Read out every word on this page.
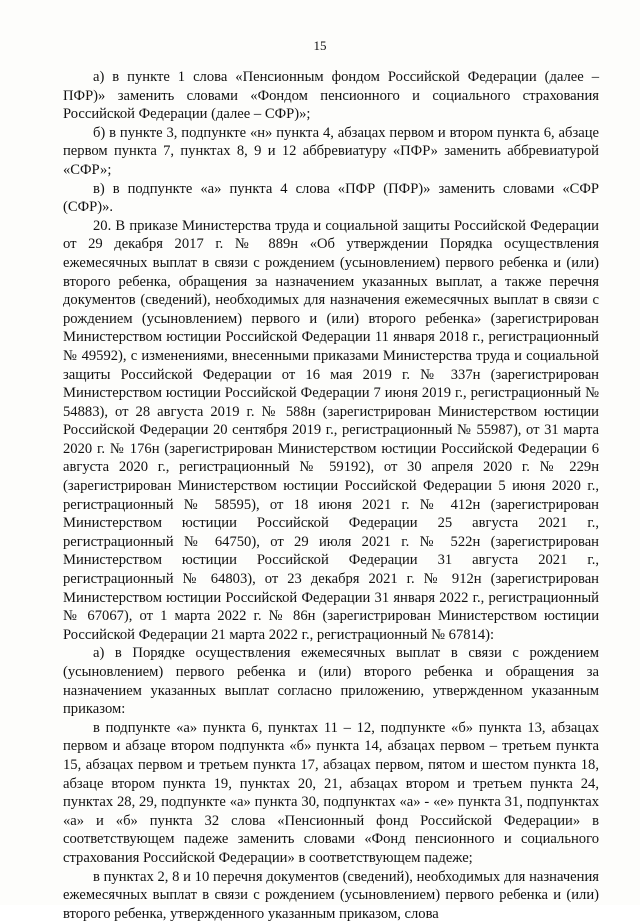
15

а) в пункте 1 слова «Пенсионным фондом Российской Федерации (далее – ПФР)» заменить словами «Фондом пенсионного и социального страхования Российской Федерации (далее – СФР)»;

б) в пункте 3, подпункте «н» пункта 4, абзацах первом и втором пункта 6, абзаце первом пункта 7, пунктах 8, 9 и 12 аббревиатуру «ПФР» заменить аббревиатурой «СФР»;

в) в подпункте «а» пункта 4 слова «ПФР (ПФР)» заменить словами «СФР (СФР)».

20. В приказе Министерства труда и социальной защиты Российской Федерации от 29 декабря 2017 г. № 889н «Об утверждении Порядка осуществления ежемесячных выплат в связи с рождением (усыновлением) первого ребенка и (или) второго ребенка, обращения за назначением указанных выплат, а также перечня документов (сведений), необходимых для назначения ежемесячных выплат в связи с рождением (усыновлением) первого и (или) второго ребенка» (зарегистрирован Министерством юстиции Российской Федерации 11 января 2018 г., регистрационный № 49592), с изменениями, внесенными приказами Министерства труда и социальной защиты Российской Федерации от 16 мая 2019 г. № 337н (зарегистрирован Министерством юстиции Российской Федерации 7 июня 2019 г., регистрационный № 54883), от 28 августа 2019 г. № 588н (зарегистрирован Министерством юстиции Российской Федерации 20 сентября 2019 г., регистрационный № 55987), от 31 марта 2020 г. № 176н (зарегистрирован Министерством юстиции Российской Федерации 6 августа 2020 г., регистрационный № 59192), от 30 апреля 2020 г. № 229н (зарегистрирован Министерством юстиции Российской Федерации 5 июня 2020 г., регистрационный № 58595), от 18 июня 2021 г. № 412н (зарегистрирован Министерством юстиции Российской Федерации 25 августа 2021 г., регистрационный № 64750), от 29 июля 2021 г. № 522н (зарегистрирован Министерством юстиции Российской Федерации 31 августа 2021 г., регистрационный № 64803), от 23 декабря 2021 г. № 912н (зарегистрирован Министерством юстиции Российской Федерации 31 января 2022 г., регистрационный № 67067), от 1 марта 2022 г. № 86н (зарегистрирован Министерством юстиции Российской Федерации 21 марта 2022 г., регистрационный № 67814):

а) в Порядке осуществления ежемесячных выплат в связи с рождением (усыновлением) первого ребенка и (или) второго ребенка и обращения за назначением указанных выплат согласно приложению, утвержденном указанным приказом:

в подпункте «а» пункта 6, пунктах 11 – 12, подпункте «б» пункта 13, абзацах первом и абзаце втором подпункта «б» пункта 14, абзацах первом – третьем пункта 15, абзацах первом и третьем пункта 17, абзацах первом, пятом и шестом пункта 18, абзаце втором пункта 19, пунктах 20, 21, абзацах втором и третьем пункта 24, пунктах 28, 29, подпункте «а» пункта 30, подпунктах «а» - «е» пункта 31, подпунктах «а» и «б» пункта 32 слова «Пенсионный фонд Российской Федерации» в соответствующем падеже заменить словами «Фонд пенсионного и социального страхования Российской Федерации» в соответствующем падеже;

в пунктах 2, 8 и 10 перечня документов (сведений), необходимых для назначения ежемесячных выплат в связи с рождением (усыновлением) первого ребенка и (или) второго ребенка, утвержденного указанным приказом, слова
